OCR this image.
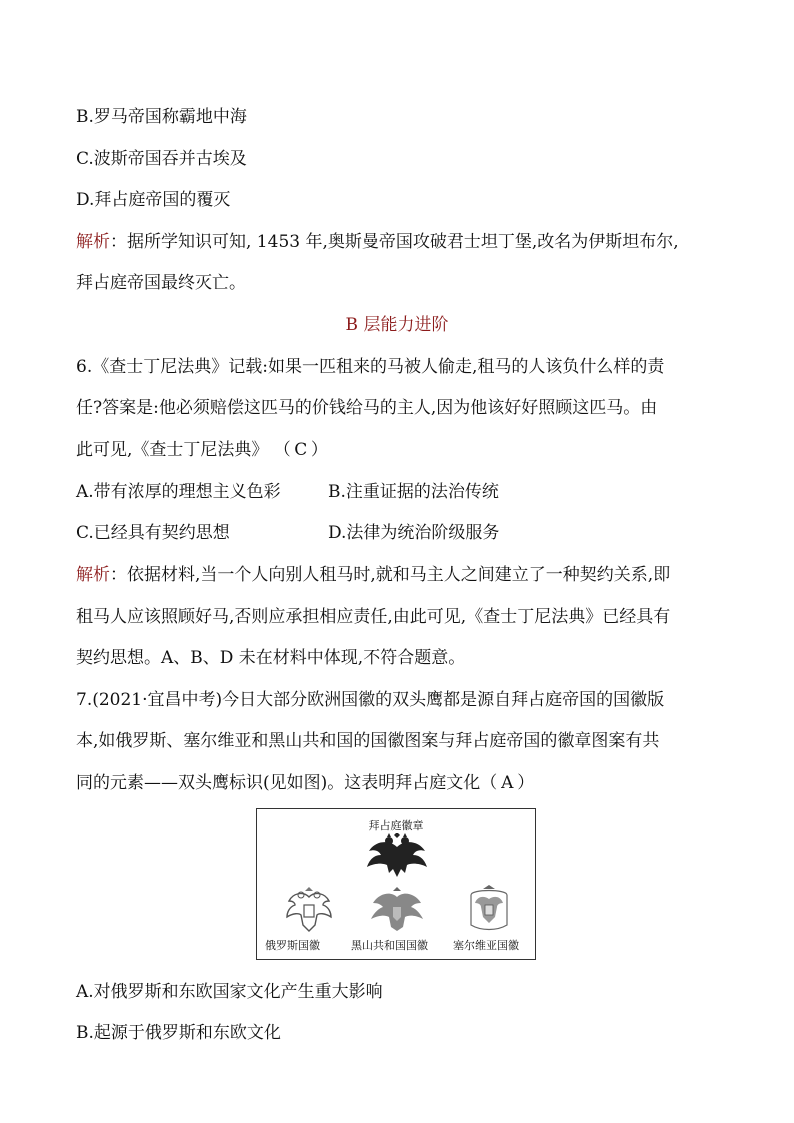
B.罗马帝国称霸地中海
C.波斯帝国吞并古埃及
D.拜占庭帝国的覆灭
解析：据所学知识可知, 1453 年,奥斯曼帝国攻破君士坦丁堡,改名为伊斯坦布尔,
拜占庭帝国最终灭亡。
B 层能力进阶
6.《查士丁尼法典》记载:如果一匹租来的马被人偷走,租马的人该负什么样的责
任?答案是:他必须赔偿这匹马的价钱给马的主人,因为他该好好照顾这匹马。由
此可见,《查士丁尼法典》 （ C ）
A.带有浓厚的理想主义色彩	B.注重证据的法治传统
C.已经具有契约思想	D.法律为统治阶级服务
解析：依据材料,当一个人向别人租马时,就和马主人之间建立了一种契约关系,即
租马人应该照顾好马,否则应承担相应责任,由此可见,《查士丁尼法典》已经具有
契约思想。A、B、D 未在材料中体现,不符合题意。
7.(2021·宜昌中考)今日大部分欧洲国徽的双头鹰都是源自拜占庭帝国的国徽版
本,如俄罗斯、塞尔维亚和黑山共和国的国徽图案与拜占庭帝国的徽章图案有共
同的元素——双头鹰标识(见如图)。这表明拜占庭文化（ A ）
拜占庭徽章
俄罗斯国徽	黑山共和国国徽 塞尔维亚国徽
A.对俄罗斯和东欧国家文化产生重大影响
B.起源于俄罗斯和东欧文化
